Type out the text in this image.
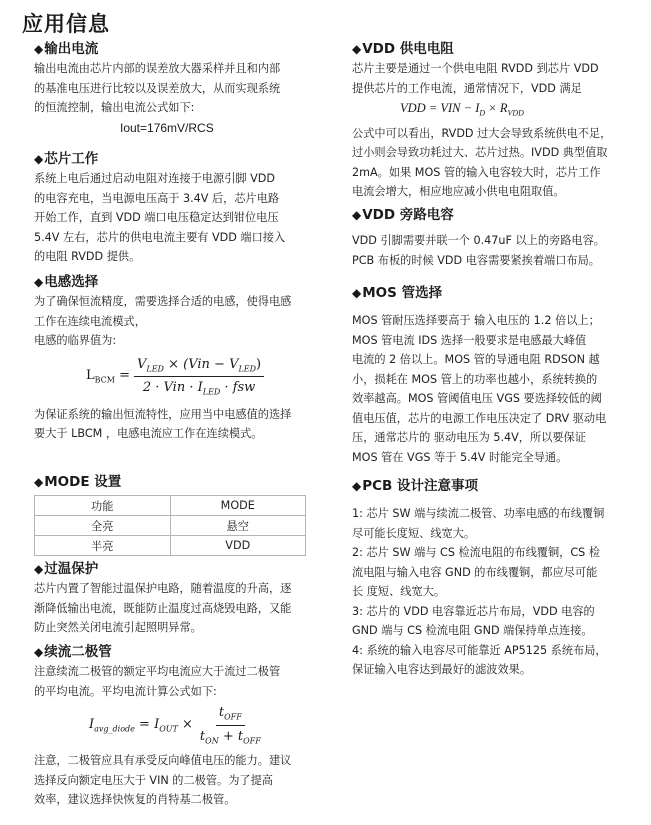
应用信息
◆输出电流
输出电流由芯片内部的误差放大器采样并且和内部
的基准电压进行比较以及误差放大，从而实现系统
的恒流控制，输出电流公式如下:
Iout=176mV/RCS
◆芯片工作
系统上电后通过启动电阻对连接于电源引脚 VDD
的电容充电，当电源电压高于 3.4V 后，芯片电路
开始工作，直到 VDD 端口电压稳定达到钳位电压
5.4V 左右，芯片的供电电流主要有 VDD 端口接入
的电阻 RVDD 提供。
◆电感选择
为了确保恒流精度，需要选择合适的电感，使得电感
工作在连续电流模式，
电感的临界值为:
$L_{BCM} = \frac{V_{LED} \times (Vin - V_{LED})}{2 \cdot Vin \cdot I_{LED} \cdot fsw}$
为保证系统的输出恒流特性，应用当中电感值的选择
要大于 LBCM ，电感电流应工作在连续模式。
◆MODE 设置
功能	MODE
全亮	悬空
半亮	VDD
◆过温保护
芯片内置了智能过温保护电路，随着温度的升高，逐
渐降低输出电流，既能防止温度过高烧毁电路，又能
防止突然关闭电流引起照明异常。
◆续流二极管
注意续流二极管的额定平均电流应大于流过二极管
的平均电流。平均电流计算公式如下:
$I_{avg\_diode} = I_{OUT} \times \frac{t_{OFF}}{t_{ON} + t_{OFF}}$
注意，二极管应具有承受反向峰值电压的能力。建议
选择反向额定电压大于 VIN 的二极管。为了提高
效率，建议选择快恢复的肖特基二极管。
◆VDD 供电电阻
芯片主要是通过一个供电电阻 RVDD 到芯片 VDD
提供芯片的工作电流，通常情况下，VDD 满足
VDD = VIN − $I_D \times R_{VDD}$
公式中可以看出，RVDD 过大会导致系统供电不足，
过小则会导致功耗过大、芯片过热。IVDD 典型值取
2mA。如果 MOS 管的输入电容较大时，芯片工作
电流会增大，相应地应减小供电电阻取值。
◆VDD 旁路电容
VDD 引脚需要并联一个 0.47uF 以上的旁路电容。
PCB 布板的时候 VDD 电容需要紧挨着端口布局。
◆MOS 管选择
MOS 管耐压选择要高于 输入电压的 1.2 倍以上；
MOS 管电流 IDS 选择一般要求是电感最大峰值
电流的 2 倍以上。MOS 管的导通电阻 RDSON 越
小，损耗在 MOS 管上的功率也越小，系统转换的
效率越高。MOS 管阈值电压 VGS 要选择较低的阈
值电压值，芯片的电源工作电压决定了 DRV 驱动电
压，通常芯片的 驱动电压为 5.4V，所以要保证
MOS 管在 VGS 等于 5.4V 时能完全导通。
◆PCB 设计注意事项
1: 芯片 SW 端与续流二极管、功率电感的布线覆铜
尽可能长度短、线宽大。
2: 芯片 SW 端与 CS 检流电阻的布线覆铜，CS 检
流电阻与输入电容 GND 的布线覆铜，都应尽可能
长 度短、线宽大。
3: 芯片的 VDD 电容靠近芯片布局，VDD 电容的
GND 端与 CS 检流电阻 GND 端保持单点连接。
4: 系统的输入电容尽可能靠近 AP5125 系统布局，
保证输入电容达到最好的滤波效果。
